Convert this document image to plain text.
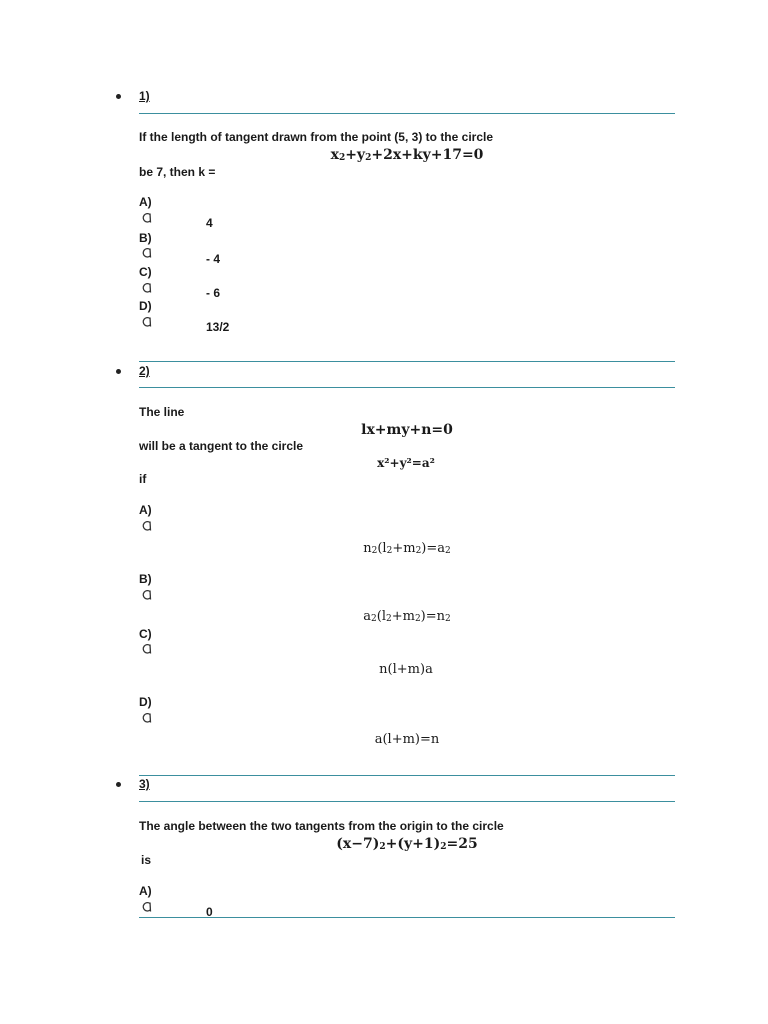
1)
If the length of tangent drawn from the point (5, 3) to the circle
$x_2+y_2+2x+ky+17=0$
be 7, then k =
A)
4
B)
- 4
C)
- 6
D)
13/2
2)
The line
lx+my+n=0
will be a tangent to the circle
x²+y²=a²
if
A)
$n_2(l_2+m_2)=a_2$
B)
$a_2(l_2+m_2)=n_2$
C)
n(l+m)a
D)
a(l+m)=n
3)
The angle between the two tangents from the origin to the circle
$(x-7)_2+(y+1)_2=25$
is
A)
0
